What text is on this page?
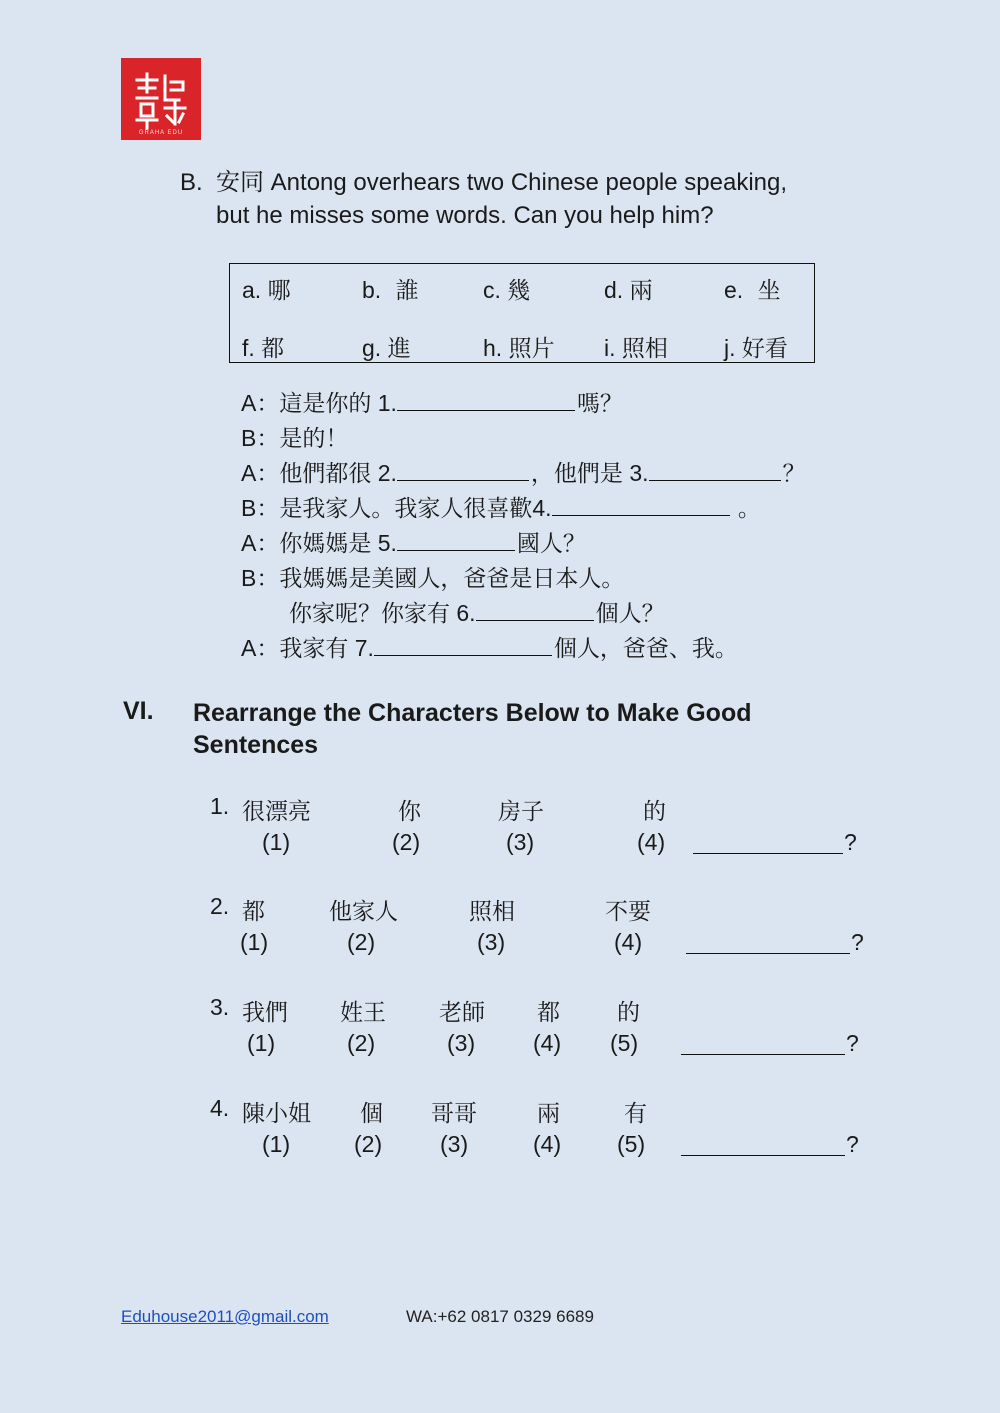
GRAHA EDU
B. 安同 Antong overhears two Chinese people speaking,
but he misses some words. Can you help him?
a. 哪	b. 誰	c. 幾	d. 兩	e. 坐
f. 都	g. 進	h. 照片 i. 照相 j. 好看
A：這是你的 1.	嗎？
B：是的！
A：他們都很 2.	，他們是 3.	？
B：是我家人。我家人很喜歡4.	。
A：你媽媽是 5.	國人？
B：我媽媽是美國人，爸爸是日本人。
你家呢？你家有 6.	個人？
A：我家有 7.	個人，爸爸、我。
VI. Rearrange the Characters Below to Make Good Sentences
1. 很漂亮	你	房子	的
(1)	(2)	(3)	(4)	?
2. 都	他家人	照相	不要
(1)	(2)	(3)	(4)	?
3. 我們 姓王 老師 都 的
(1)	(2)	(3)	(4) (5)	?
4. 陳小姐 個 哥哥	兩	有
(1)	(2)	(3)	(4) (5)	?
Eduhouse2011@gmail.com	WA:+62 0817 0329 6689
